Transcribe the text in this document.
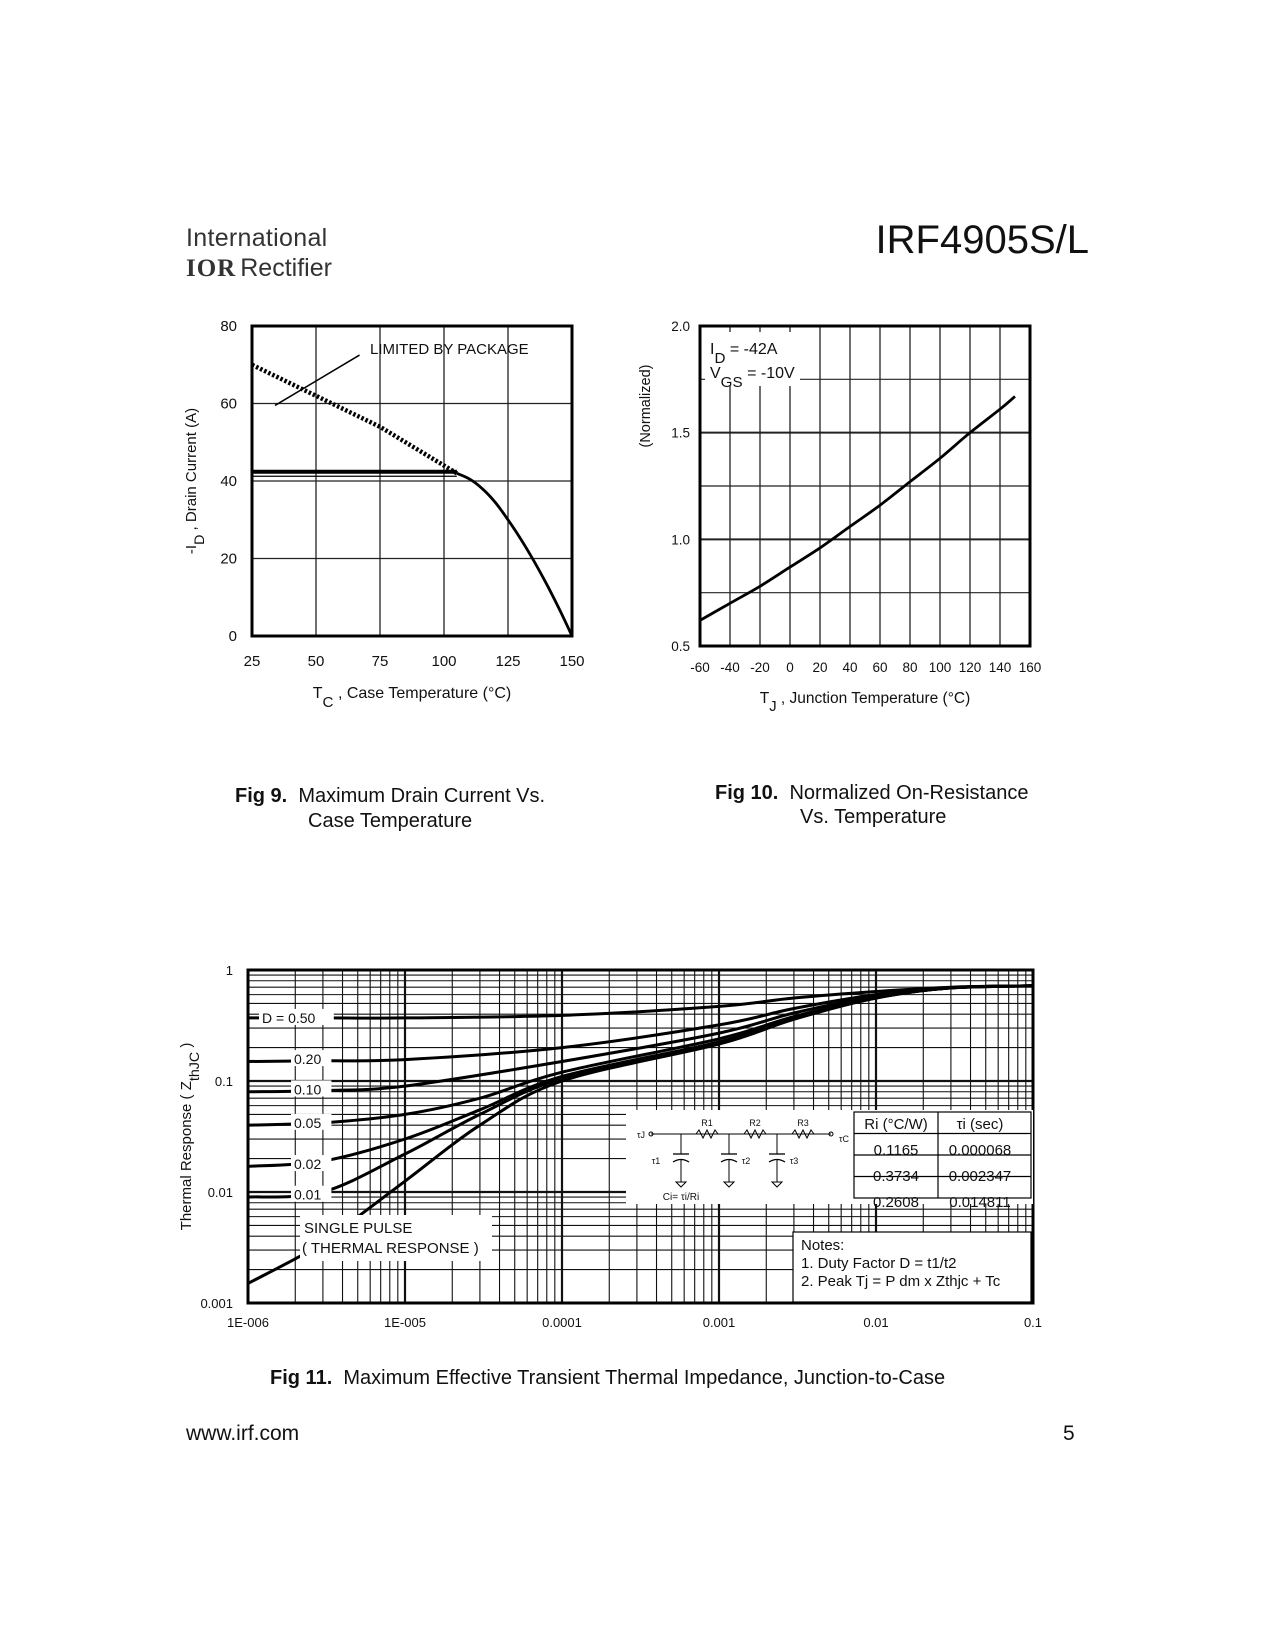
International
IOR Rectifier
IRF4905S/L
25	50	75	100	125	150
0
20
40
60
80
$T_C$ , Case Temperature (°C)
$-I_D$ , Drain Current (A)
LIMITED BY PACKAGE
Fig 9. Maximum Drain Current Vs.
Case Temperature
-60 -40 -20 0 20 40 60 80 100 120 140 160
0.5
1.0
1.5
2.0
$T_J$ , Junction Temperature (°C)
(Normalized)
$I_D = -42A$
$V_{GS} = -10V$
Fig 10. Normalized On-Resistance
Vs. Temperature
1E-006	1E-005	0.0001	0.001	0.01	0.1
0.001
0.01
0.1
1
Thermal Response ( $Z_{thJC}$ )
D = 0.50
0.20
0.10
0.05
0.02
0.01
SINGLE PULSE
( THERMAL RESPONSE )
Ri (°C/W) τi (sec)
0.1165 0.000068
0.3734 0.002347
0.2608 0.014811
R1	R2	R3
τ1	τ2	τ3
τJ	τC
Ci= τi/Ri
Notes:
1. Duty Factor D = t1/t2
2. Peak Tj = P dm x Zthjc + Tc
Fig 11. Maximum Effective Transient Thermal Impedance, Junction-to-Case
www.irf.com	5
